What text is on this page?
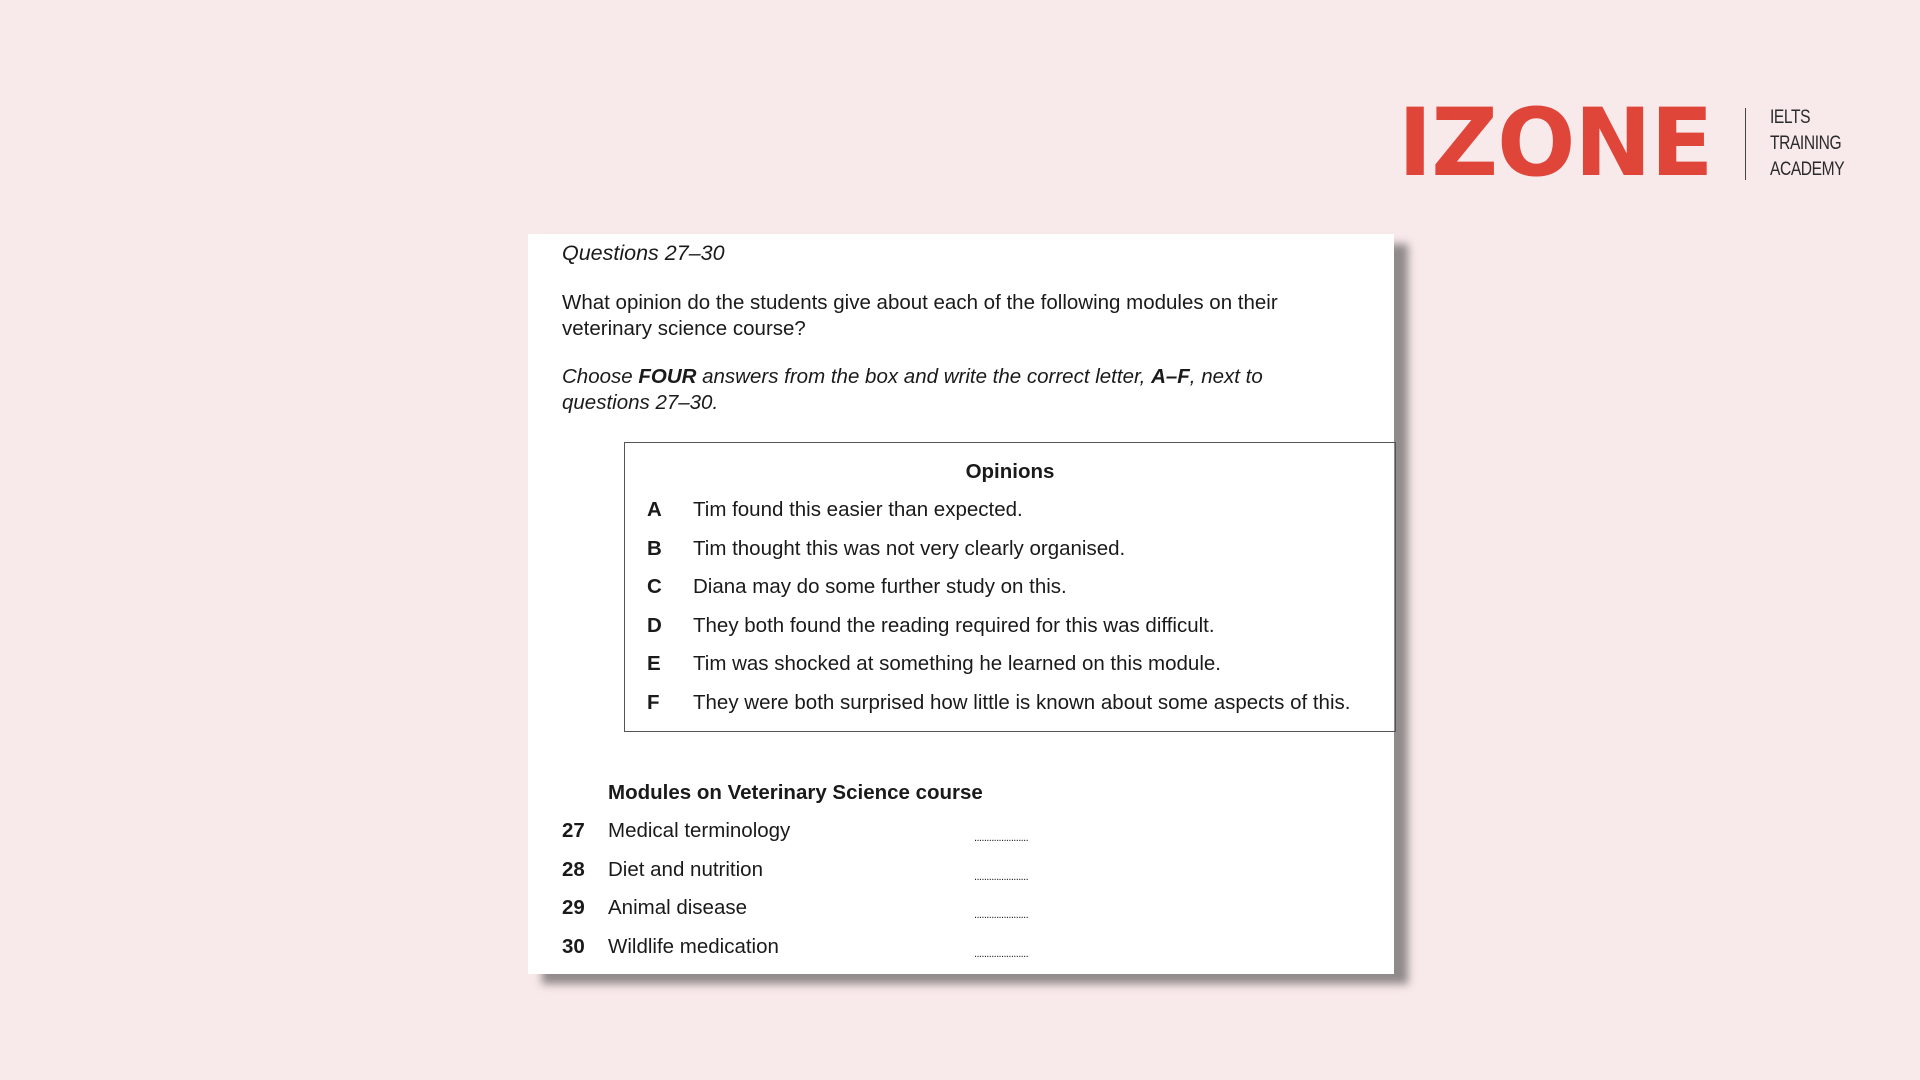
IZONE	IELTS
TRAINING
ACADEMY
Questions 27–30
What opinion do the students give about each of the following modules on their veterinary science course?
Choose FOUR answers from the box and write the correct letter, A–F, next to questions 27–30.
Opinions
A	Tim found this easier than expected.
B	Tim thought this was not very clearly organised.
C	Diana may do some further study on this.
D	They both found the reading required for this was difficult.
E	Tim was shocked at something he learned on this module.
F	They were both surprised how little is known about some aspects of this.
Modules on Veterinary Science course
27 Medical terminology	......................
28 Diet and nutrition	......................
29 Animal disease	......................
30 Wildlife medication	......................
